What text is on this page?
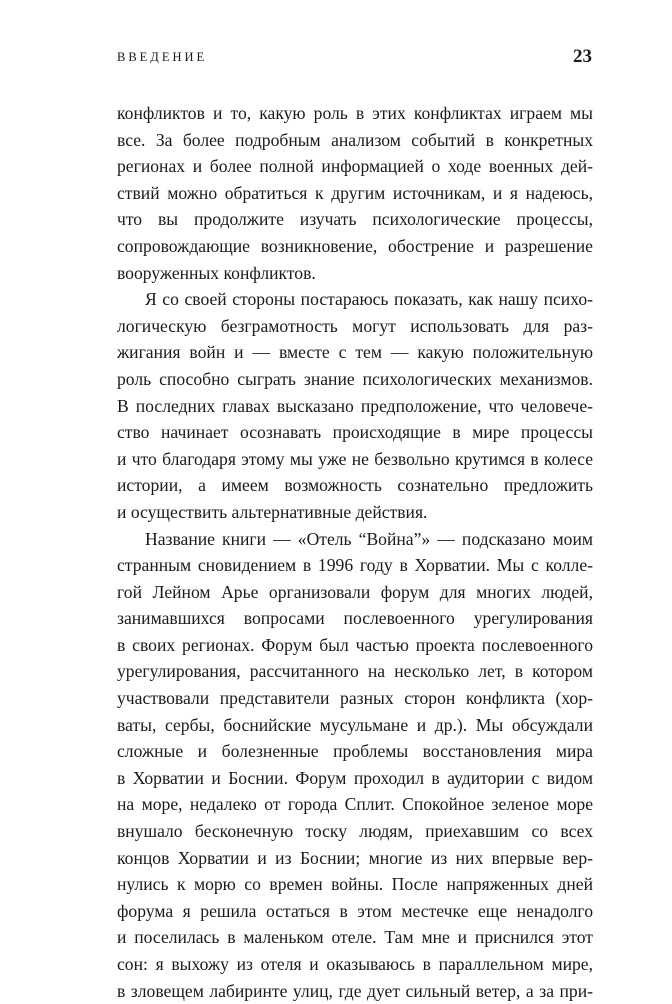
ВВЕДЕНИЕ	23
конфликтов и то, какую роль в этих конфликтах играем мы
все. За более подробным анализом событий в конкретных
регионах и более полной информацией о ходе военных дей-
ствий можно обратиться к другим источникам, и я надеюсь,
что вы продолжите изучать психологические процессы,
сопровождающие возникновение, обострение и разрешение
вооруженных конфликтов.
Я со своей стороны постараюсь показать, как нашу психо-
логическую безграмотность могут использовать для раз-
жигания войн и — вместе с тем — какую положительную
роль способно сыграть знание психологических механизмов.
В последних главах высказано предположение, что человече-
ство начинает осознавать происходящие в мире процессы
и что благодаря этому мы уже не безвольно крутимся в колесе
истории, а имеем возможность сознательно предложить
и осуществить альтернативные действия.
Название книги — «Отель “Война”» — подсказано моим
странным сновидением в 1996 году в Хорватии. Мы с колле-
гой Лейном Арье организовали форум для многих людей,
занимавшихся вопросами послевоенного урегулирования
в своих регионах. Форум был частью проекта послевоенного
урегулирования, рассчитанного на несколько лет, в котором
участвовали представители разных сторон конфликта (хор-
ваты, сербы, боснийские мусульмане и др.). Мы обсуждали
сложные и болезненные проблемы восстановления мира
в Хорватии и Боснии. Форум проходил в аудитории с видом
на море, недалеко от города Сплит. Спокойное зеленое море
внушало бесконечную тоску людям, приехавшим со всех
концов Хорватии и из Боснии; многие из них впервые вер-
нулись к морю со времен войны. После напряженных дней
форума я решила остаться в этом местечке еще ненадолго
и поселилась в маленьком отеле. Там мне и приснился этот
сон: я выхожу из отеля и оказываюсь в параллельном мире,
в зловещем лабиринте улиц, где дует сильный ветер, а за при-
